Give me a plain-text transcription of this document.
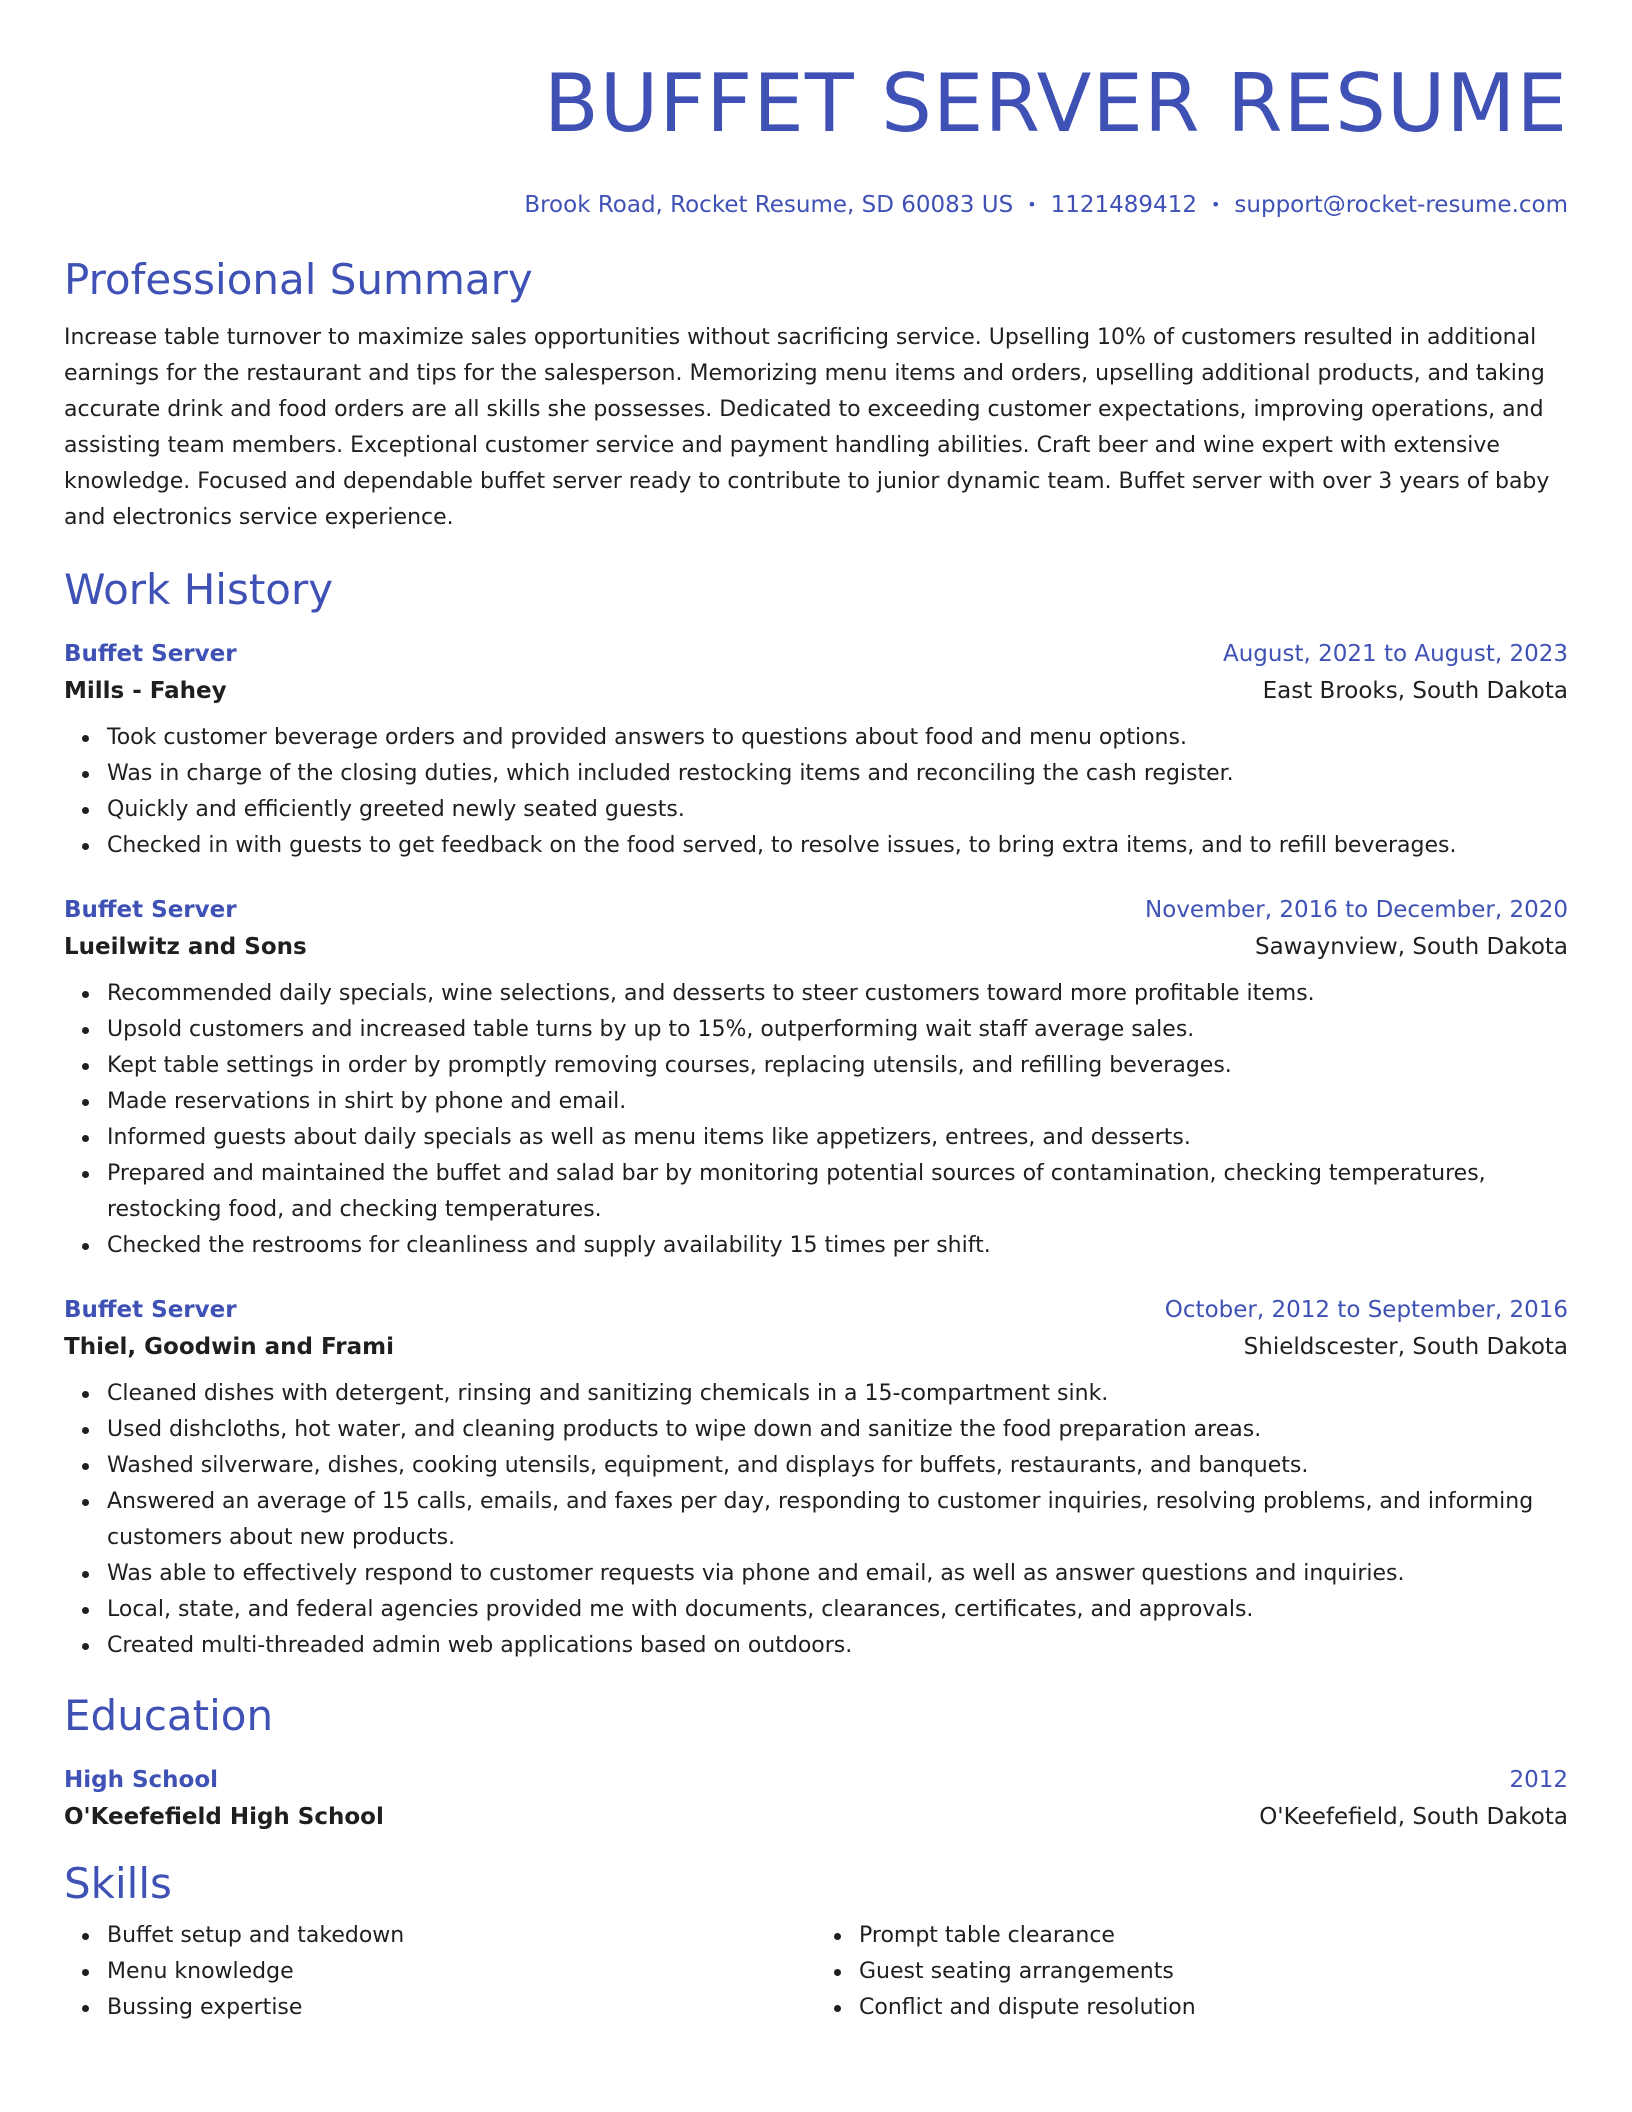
BUFFET SERVER RESUME
Brook Road, Rocket Resume, SD 60083 US • 1121489412 • support@rocket-resume.com
Professional Summary

Increase table turnover to maximize sales opportunities without sacrificing service. Upselling 10% of customers resulted in additional earnings for the restaurant and tips for the salesperson. Memorizing menu items and orders, upselling additional products, and taking accurate drink and food orders are all skills she possesses. Dedicated to exceeding customer expectations, improving operations, and assisting team members. Exceptional customer service and payment handling abilities. Craft beer and wine expert with extensive knowledge. Focused and dependable buffet server ready to contribute to junior dynamic team. Buffet server with over 3 years of baby and electronics service experience.

Work History
Buffet Server	August, 2021 to August, 2023
Mills - Fahey	East Brooks, South Dakota
Took customer beverage orders and provided answers to questions about food and menu options.
Was in charge of the closing duties, which included restocking items and reconciling the cash register.
Quickly and efficiently greeted newly seated guests.
Checked in with guests to get feedback on the food served, to resolve issues, to bring extra items, and to refill beverages.
Buffet Server	November, 2016 to December, 2020
Lueilwitz and Sons	Sawaynview, South Dakota
Recommended daily specials, wine selections, and desserts to steer customers toward more profitable items.
Upsold customers and increased table turns by up to 15%, outperforming wait staff average sales.
Kept table settings in order by promptly removing courses, replacing utensils, and refilling beverages.
Made reservations in shirt by phone and email.
Informed guests about daily specials as well as menu items like appetizers, entrees, and desserts.
Prepared and maintained the buffet and salad bar by monitoring potential sources of contamination, checking temperatures, restocking food, and checking temperatures.
Checked the restrooms for cleanliness and supply availability 15 times per shift.
Buffet Server	October, 2012 to September, 2016
Thiel, Goodwin and Frami	Shieldscester, South Dakota
Cleaned dishes with detergent, rinsing and sanitizing chemicals in a 15-compartment sink.
Used dishcloths, hot water, and cleaning products to wipe down and sanitize the food preparation areas.
Washed silverware, dishes, cooking utensils, equipment, and displays for buffets, restaurants, and banquets.
Answered an average of 15 calls, emails, and faxes per day, responding to customer inquiries, resolving problems, and informing customers about new products.
Was able to effectively respond to customer requests via phone and email, as well as answer questions and inquiries.
Local, state, and federal agencies provided me with documents, clearances, certificates, and approvals.
Created multi-threaded admin web applications based on outdoors.
Education
High School	2012
O'Keefefield High School	O'Keefefield, South Dakota
Skills
Buffet setup and takedown
Menu knowledge
Bussing expertise
Prompt table clearance
Guest seating arrangements
Conflict and dispute resolution
